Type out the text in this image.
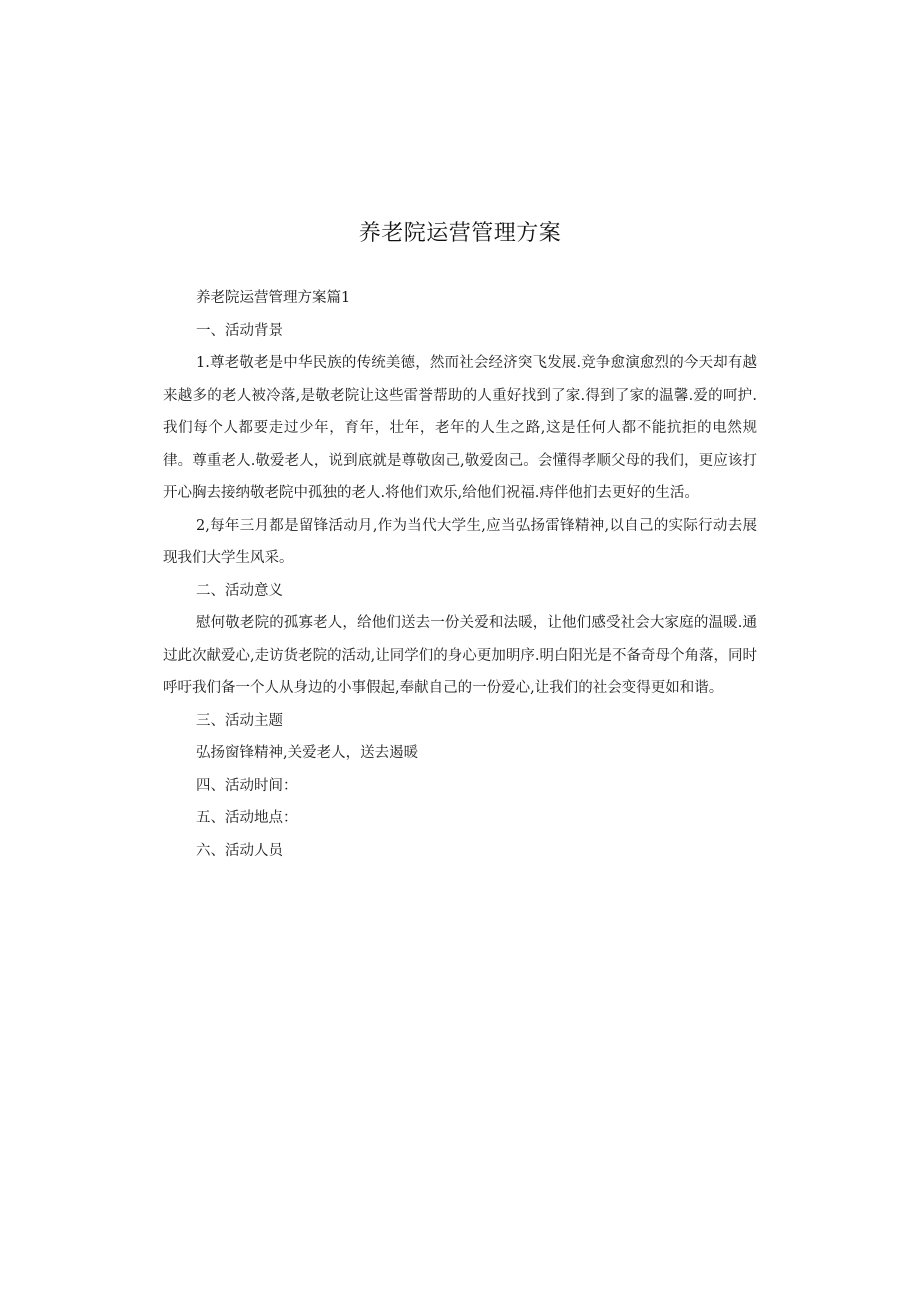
养老院运营管理方案

养老院运营管理方案篇1

一、活动背景

1.尊老敬老是中华民族的传统美德，然而社会经济突飞发展.竞争愈演愈烈的今天却有越来越多的老人被冷落,是敬老院让这些雷誉帮助的人重好找到了家.得到了家的温馨.爱的呵护.我们每个人都要走过少年，育年，壮年，老年的人生之路,这是任何人都不能抗拒的电然规律。尊重老人.敬爱老人，说到底就是尊敬囱己,敬爱囱己。会懂得孝顺父母的我们，更应该打开心胸去接纳敬老院中孤独的老人.将他们欢乐,给他们祝福.痔伴他扪去更好的生活。

2,每年三月都是留锋活动月,作为当代大学生,应当弘扬雷锋精神,以自己的实际行动去展现我们大学生风采。

二、活动意义

慰何敬老院的孤寡老人，给他们送去一份关爱和法暖，让他们感受社会大家庭的温暖.通过此次献爱心,走访货老院的活动,让同学们的身心更加明序.明白阳光是不备奇母个角落，同时呼吁我们备一个人从身边的小事假起,奉献自己的一份爱心,让我们的社会变得更如和谐。

三、活动主题

弘扬窗锋精神,关爱老人，送去遏暖

四、活动时间：

五、活动地点：

六、活动人员
